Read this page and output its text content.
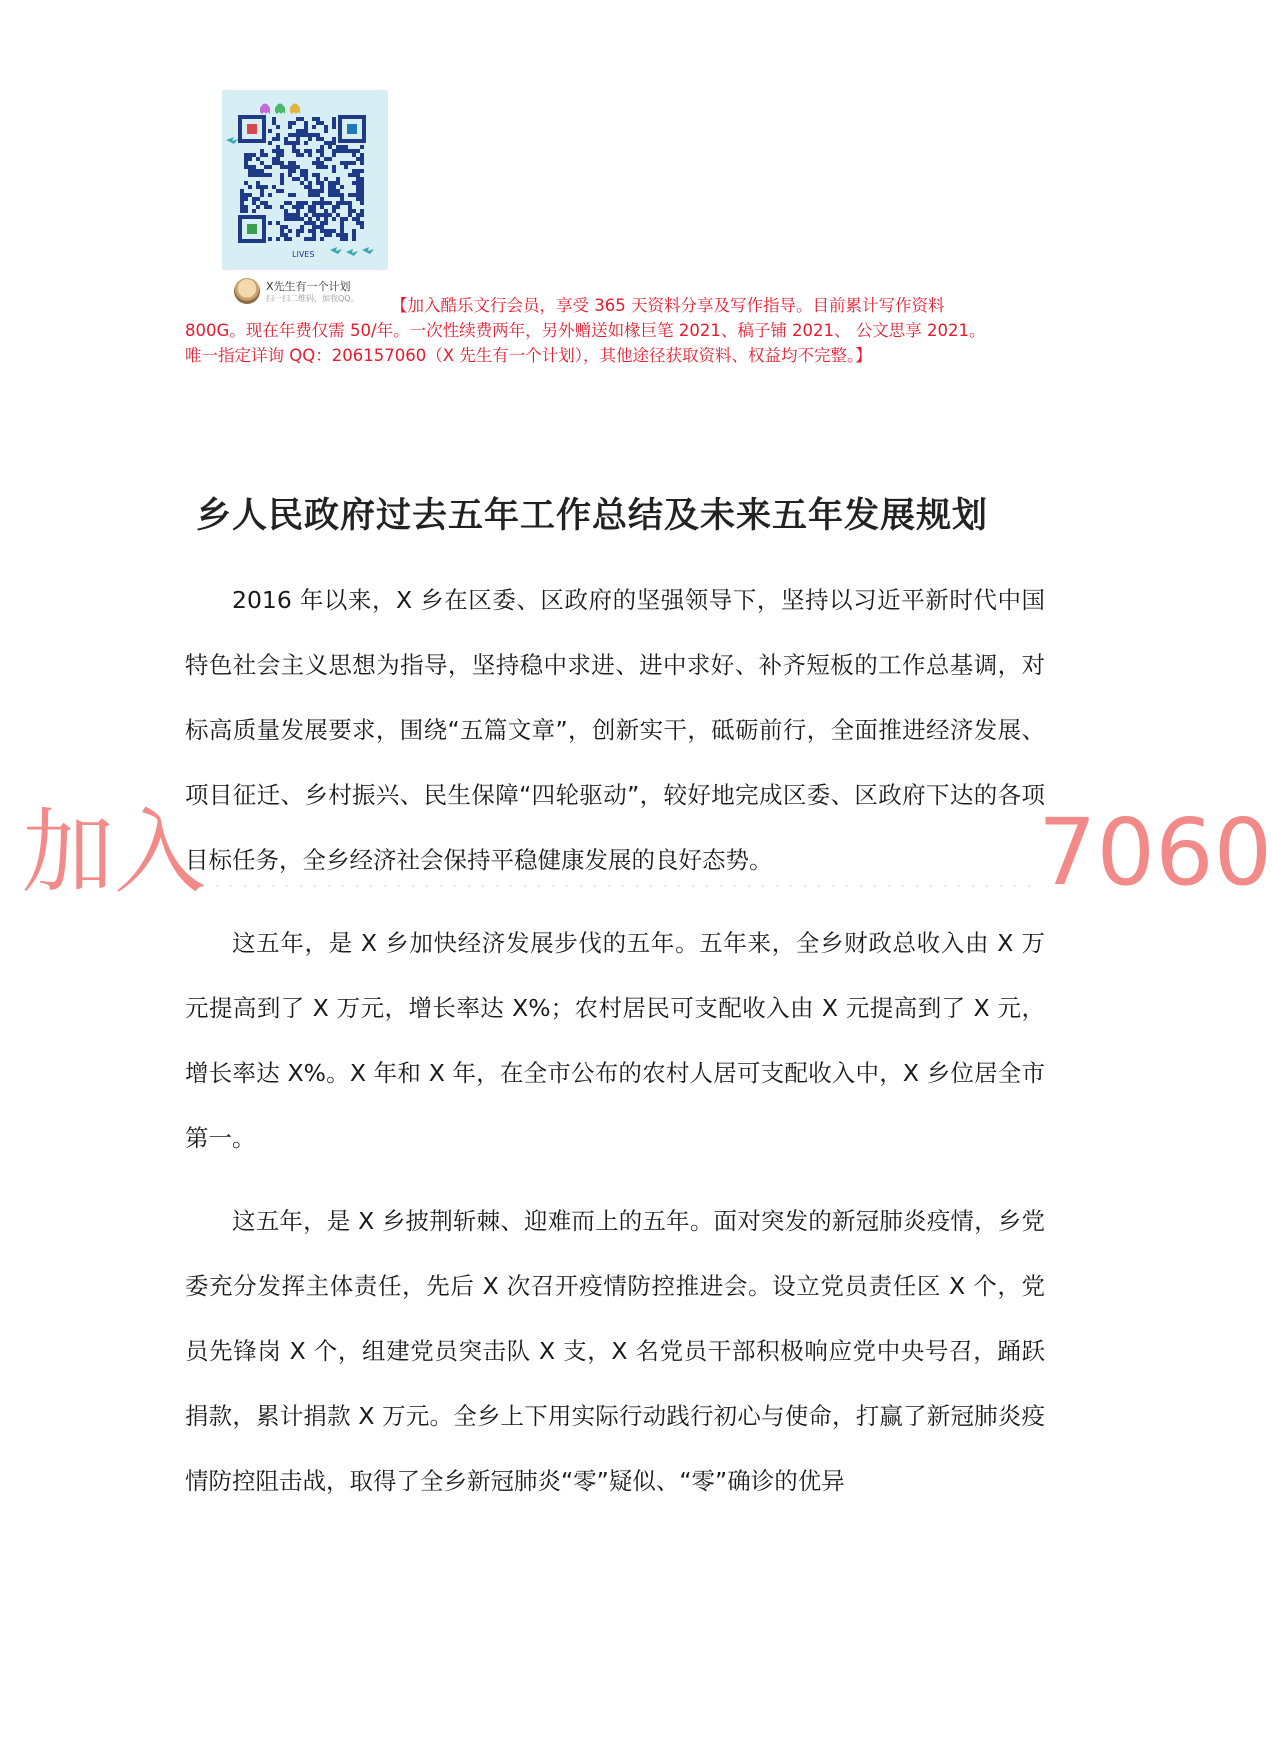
LIVES
X先生有一个计划
扫一扫二维码，加我QQ。	【加入酷乐文行会员，享受 365 天资料分享及写作指导。目前累计写作资料
800G。现在年费仅需 50/年。一次性续费两年，另外赠送如椽巨笔 2021、稿子铺 2021、 公文思享 2021。
唯一指定详询 QQ：206157060（X 先生有一个计划），其他途径获取资料、权益均不完整。】
乡人民政府过去五年工作总结及未来五年发展规划

2016 年以来，X 乡在区委、区政府的坚强领导下，坚持以习近平新时代中国特色社会主义思想为指导，坚持稳中求进、进中求好、补齐短板的工作总基调，对标高质量发展要求，围绕“五篇文章”，创新实干，砥砺前行，全面推进经济发展、项目征迁、乡村振兴、民生保障“四轮驱动”，较好地完成区委、区政府下达的各项目标任务，全乡经济社会保持平稳健康发展的良好态势。

这五年，是 X 乡加快经济发展步伐的五年。五年来，全乡财政总收入由 X 万元提高到了 X 万元，增长率达 X%；农村居民可支配收入由 X 元提高到了 X 元，增长率达 X%。X 年和 X 年，在全市公布的农村人居可支配收入中，X 乡位居全市第一。

这五年，是 X 乡披荆斩棘、迎难而上的五年。面对突发的新冠肺炎疫情，乡党委充分发挥主体责任，先后 X 次召开疫情防控推进会。设立党员责任区 X 个，党员先锋岗 X 个，组建党员突击队 X 支，X 名党员干部积极响应党中央号召，踊跃捐款，累计捐款 X 万元。全乡上下用实际行动践行初心与使命，打赢了新冠肺炎疫情防控阻击战，取得了全乡新冠肺炎“零”疑似、“零”确诊的优异

加入	7060
